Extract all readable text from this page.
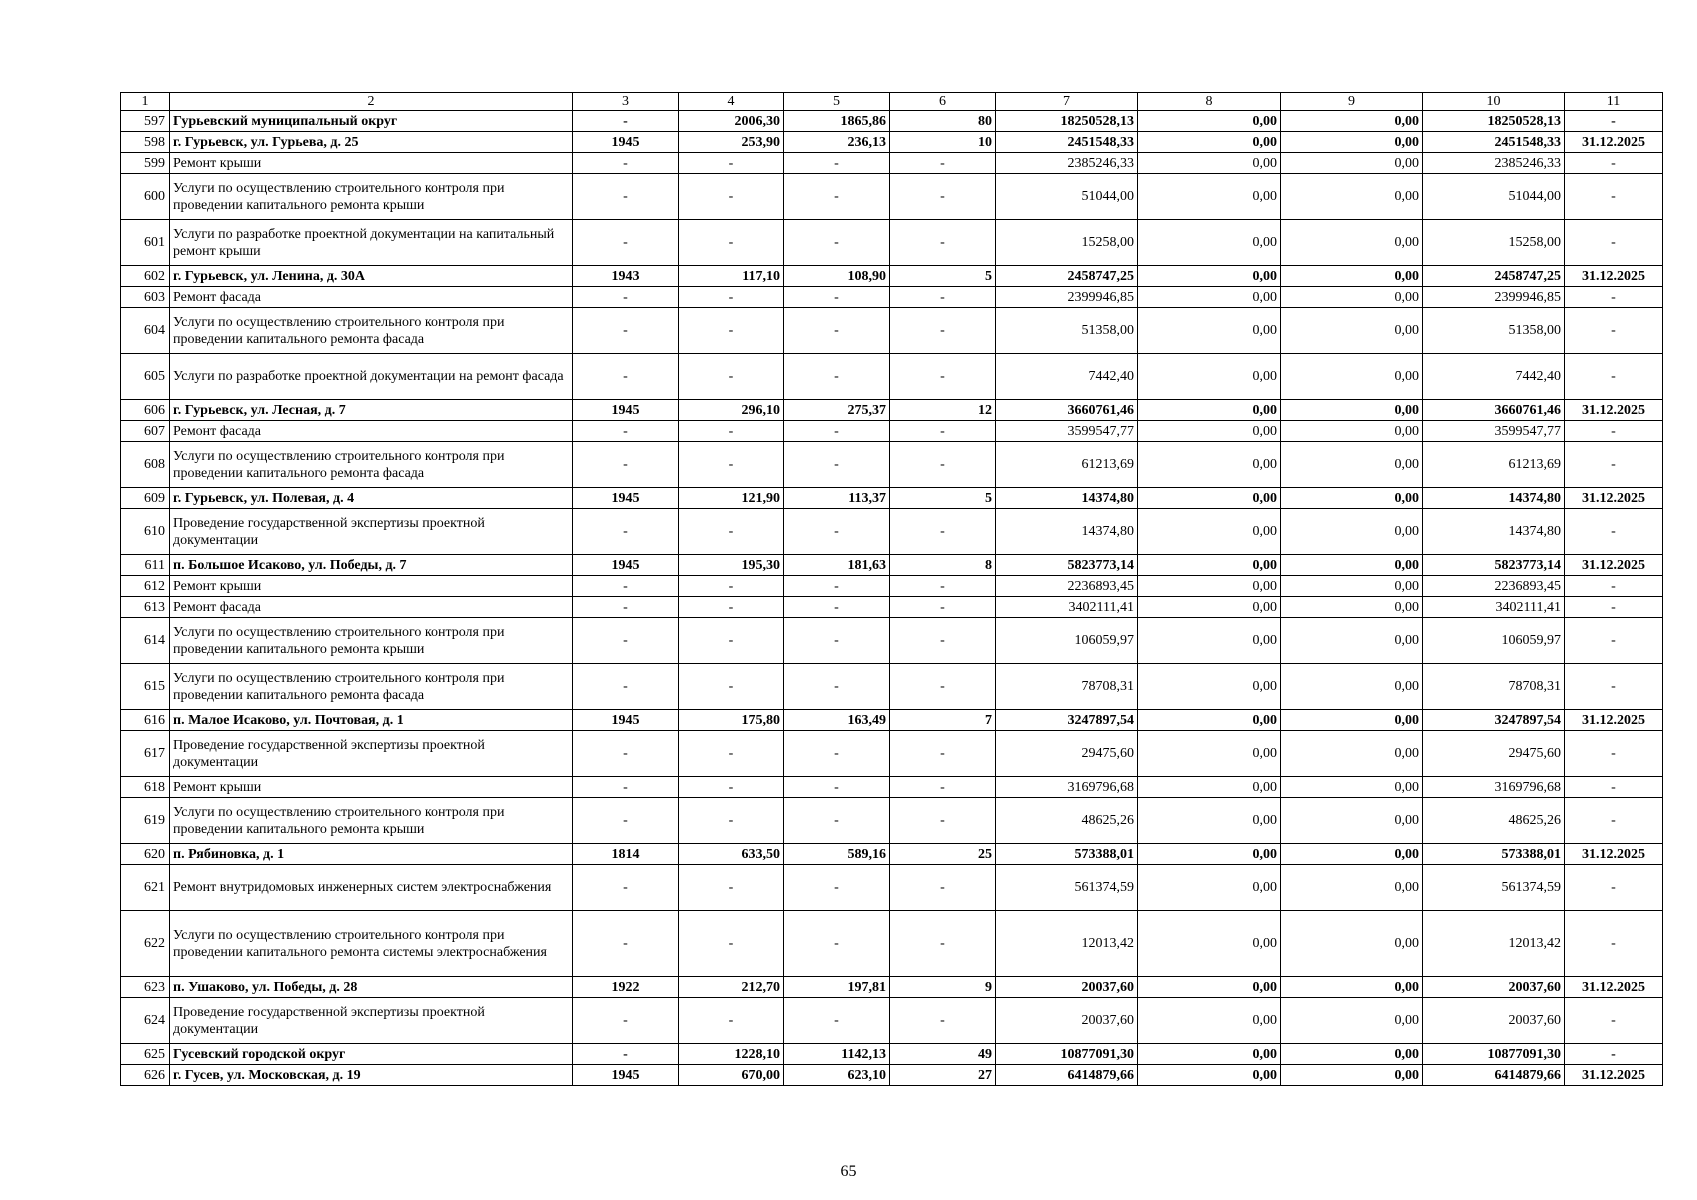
1	2	3	4	5	6	7	8	9	10	11
597	Гурьевский муниципальный округ	-	2006,30	1865,86	80	18250528,13	0,00	0,00	18250528,13	-
598	г. Гурьевск, ул. Гурьева, д. 25	1945	253,90	236,13	10	2451548,33	0,00	0,00	2451548,33	31.12.2025
599	Ремонт крыши	-	-	-	-	2385246,33	0,00	0,00	2385246,33	-
600	Услуги по осуществлению строительного контроля при проведении капитального ремонта крыши	-	-	-	-	51044,00	0,00	0,00	51044,00	-
601	Услуги по разработке проектной документации на капитальный ремонт крыши	-	-	-	-	15258,00	0,00	0,00	15258,00	-
602	г. Гурьевск, ул. Ленина, д. 30А	1943	117,10	108,90	5	2458747,25	0,00	0,00	2458747,25	31.12.2025
603	Ремонт фасада	-	-	-	-	2399946,85	0,00	0,00	2399946,85	-
604	Услуги по осуществлению строительного контроля при проведении капитального ремонта фасада	-	-	-	-	51358,00	0,00	0,00	51358,00	-
605	Услуги по разработке проектной документации на ремонт фасада	-	-	-	-	7442,40	0,00	0,00	7442,40	-
606	г. Гурьевск, ул. Лесная, д. 7	1945	296,10	275,37	12	3660761,46	0,00	0,00	3660761,46	31.12.2025
607	Ремонт фасада	-	-	-	-	3599547,77	0,00	0,00	3599547,77	-
608	Услуги по осуществлению строительного контроля при проведении капитального ремонта фасада	-	-	-	-	61213,69	0,00	0,00	61213,69	-
609	г. Гурьевск, ул. Полевая, д. 4	1945	121,90	113,37	5	14374,80	0,00	0,00	14374,80	31.12.2025
610	Проведение государственной экспертизы проектной документации	-	-	-	-	14374,80	0,00	0,00	14374,80	-
611	п. Большое Исаково, ул. Победы, д. 7	1945	195,30	181,63	8	5823773,14	0,00	0,00	5823773,14	31.12.2025
612	Ремонт крыши	-	-	-	-	2236893,45	0,00	0,00	2236893,45	-
613	Ремонт фасада	-	-	-	-	3402111,41	0,00	0,00	3402111,41	-
614	Услуги по осуществлению строительного контроля при проведении капитального ремонта крыши	-	-	-	-	106059,97	0,00	0,00	106059,97	-
615	Услуги по осуществлению строительного контроля при проведении капитального ремонта фасада	-	-	-	-	78708,31	0,00	0,00	78708,31	-
616	п. Малое Исаково, ул. Почтовая, д. 1	1945	175,80	163,49	7	3247897,54	0,00	0,00	3247897,54	31.12.2025
617	Проведение государственной экспертизы проектной документации	-	-	-	-	29475,60	0,00	0,00	29475,60	-
618	Ремонт крыши	-	-	-	-	3169796,68	0,00	0,00	3169796,68	-
619	Услуги по осуществлению строительного контроля при проведении капитального ремонта крыши	-	-	-	-	48625,26	0,00	0,00	48625,26	-
620	п. Рябиновка, д. 1	1814	633,50	589,16	25	573388,01	0,00	0,00	573388,01	31.12.2025
621	Ремонт внутридомовых инженерных систем электроснабжения	-	-	-	-	561374,59	0,00	0,00	561374,59	-
622	Услуги по осуществлению строительного контроля при проведении капитального ремонта системы электроснабжения	-	-	-	-	12013,42	0,00	0,00	12013,42	-
623	п. Ушаково, ул. Победы, д. 28	1922	212,70	197,81	9	20037,60	0,00	0,00	20037,60	31.12.2025
624	Проведение государственной экспертизы проектной документации	-	-	-	-	20037,60	0,00	0,00	20037,60	-
625	Гусевский городской округ	-	1228,10	1142,13	49	10877091,30	0,00	0,00	10877091,30	-
626	г. Гусев, ул. Московская, д. 19	1945	670,00	623,10	27	6414879,66	0,00	0,00	6414879,66	31.12.2025
65
